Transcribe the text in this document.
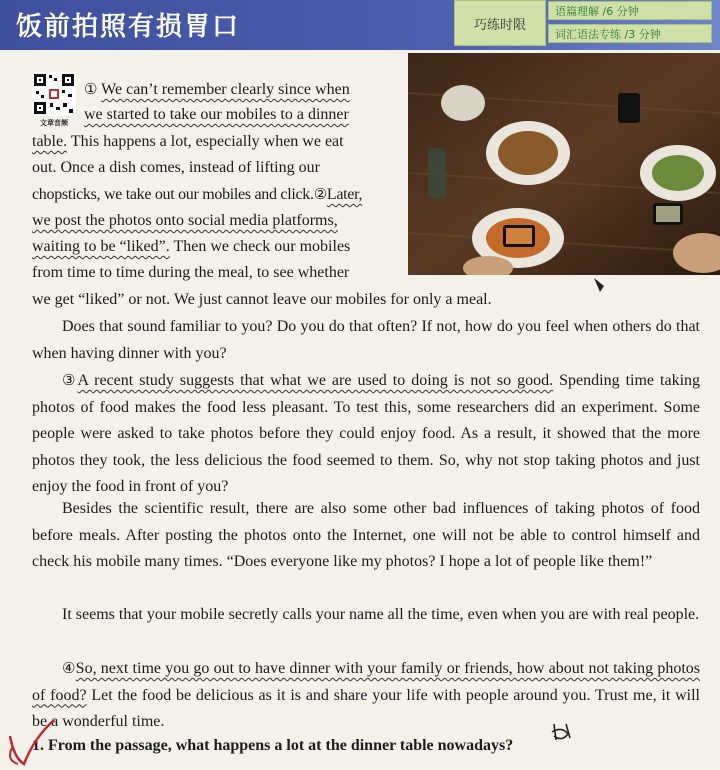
饭前拍照有损胃口	巧练时限
语篇理解 /6 分钟
词汇语法专练 /3 分钟
文章音频
① We can’t remember clearly since when
we started to take our mobiles to a dinner
table. This happens a lot, especially when we eat
out. Once a dish comes, instead of lifting our
chopsticks, we take out our mobiles and click.②Later,
we post the photos onto social media platforms,
waiting to be “liked”. Then we check our mobiles
from time to time during the meal, to see whether
we get “liked” or not. We just cannot leave our mobiles for only a meal.
Does that sound familiar to you? Do you do that often? If not, how do you feel when others do that when having dinner with you?
③A recent study suggests that what we are used to doing is not so good. Spending time taking photos of food makes the food less pleasant. To test this, some researchers did an experiment. Some people were asked to take photos before they could enjoy food. As a result, it showed that the more photos they took, the less delicious the food seemed to them. So, why not stop taking photos and just enjoy the food in front of you?
Besides the scientific result, there are also some other bad influences of taking photos of food before meals. After posting the photos onto the Internet, one will not be able to control himself and check his mobile many times. “Does everyone like my photos? I hope a lot of people like them!”
It seems that your mobile secretly calls your name all the time, even when you are with real people.
④So, next time you go out to have dinner with your family or friends, how about not taking photos of food? Let the food be delicious as it is and share your life with people around you. Trust me, it will be a wonderful time.
1. From the passage, what happens a lot at the dinner table nowadays?
